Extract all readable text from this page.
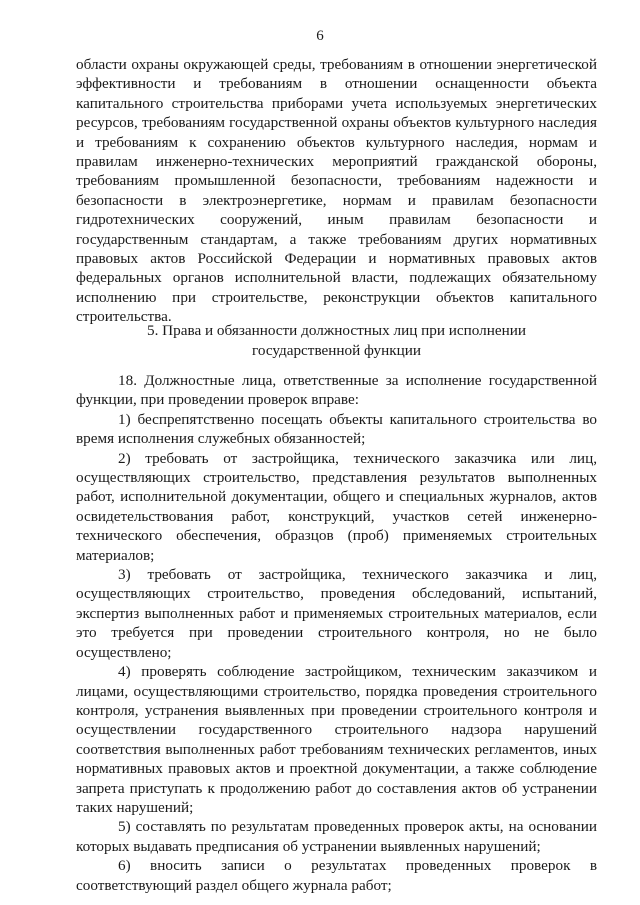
6

области охраны окружающей среды, требованиям в отношении энергетической эффективности и требованиям в отношении оснащенности объекта капитального строительства приборами учета используемых энергетических ресурсов, требованиям государственной охраны объектов культурного наследия и требованиям к сохранению объектов культурного наследия, нормам и правилам инженерно-технических мероприятий гражданской обороны, требованиям промышленной безопасности, требованиям надежности и безопасности в электроэнергетике, нормам и правилам безопасности гидротехнических сооружений, иным правилам безопасности и государственным стандартам, а также требованиям других нормативных правовых актов Российской Федерации и нормативных правовых актов федеральных органов исполнительной власти, подлежащих обязательному исполнению при строительстве, реконструкции объектов капитального строительства.

5. Права и обязанности должностных лиц при исполнении
государственной функции

18. Должностные лица, ответственные за исполнение государственной функции, при проведении проверок вправе:

1) беспрепятственно посещать объекты капитального строительства во время исполнения служебных обязанностей;

2) требовать от застройщика, технического заказчика или лиц, осуществляющих строительство, представления результатов выполненных работ, исполнительной документации, общего и специальных журналов, актов освидетельствования работ, конструкций, участков сетей инженерно-технического обеспечения, образцов (проб) применяемых строительных материалов;

3) требовать от застройщика, технического заказчика и лиц, осуществляющих строительство, проведения обследований, испытаний, экспертиз выполненных работ и применяемых строительных материалов, если это требуется при проведении строительного контроля, но не было осуществлено;

4) проверять соблюдение застройщиком, техническим заказчиком и лицами, осуществляющими строительство, порядка проведения строительного контроля, устранения выявленных при проведении строительного контроля и осуществлении государственного строительного надзора нарушений соответствия выполненных работ требованиям технических регламентов, иных нормативных правовых актов и проектной документации, а также соблюдение запрета приступать к продолжению работ до составления актов об устранении таких нарушений;

5) составлять по результатам проведенных проверок акты, на основании которых выдавать предписания об устранении выявленных нарушений;

6) вносить записи о результатах проведенных проверок в соответствующий раздел общего журнала работ;
